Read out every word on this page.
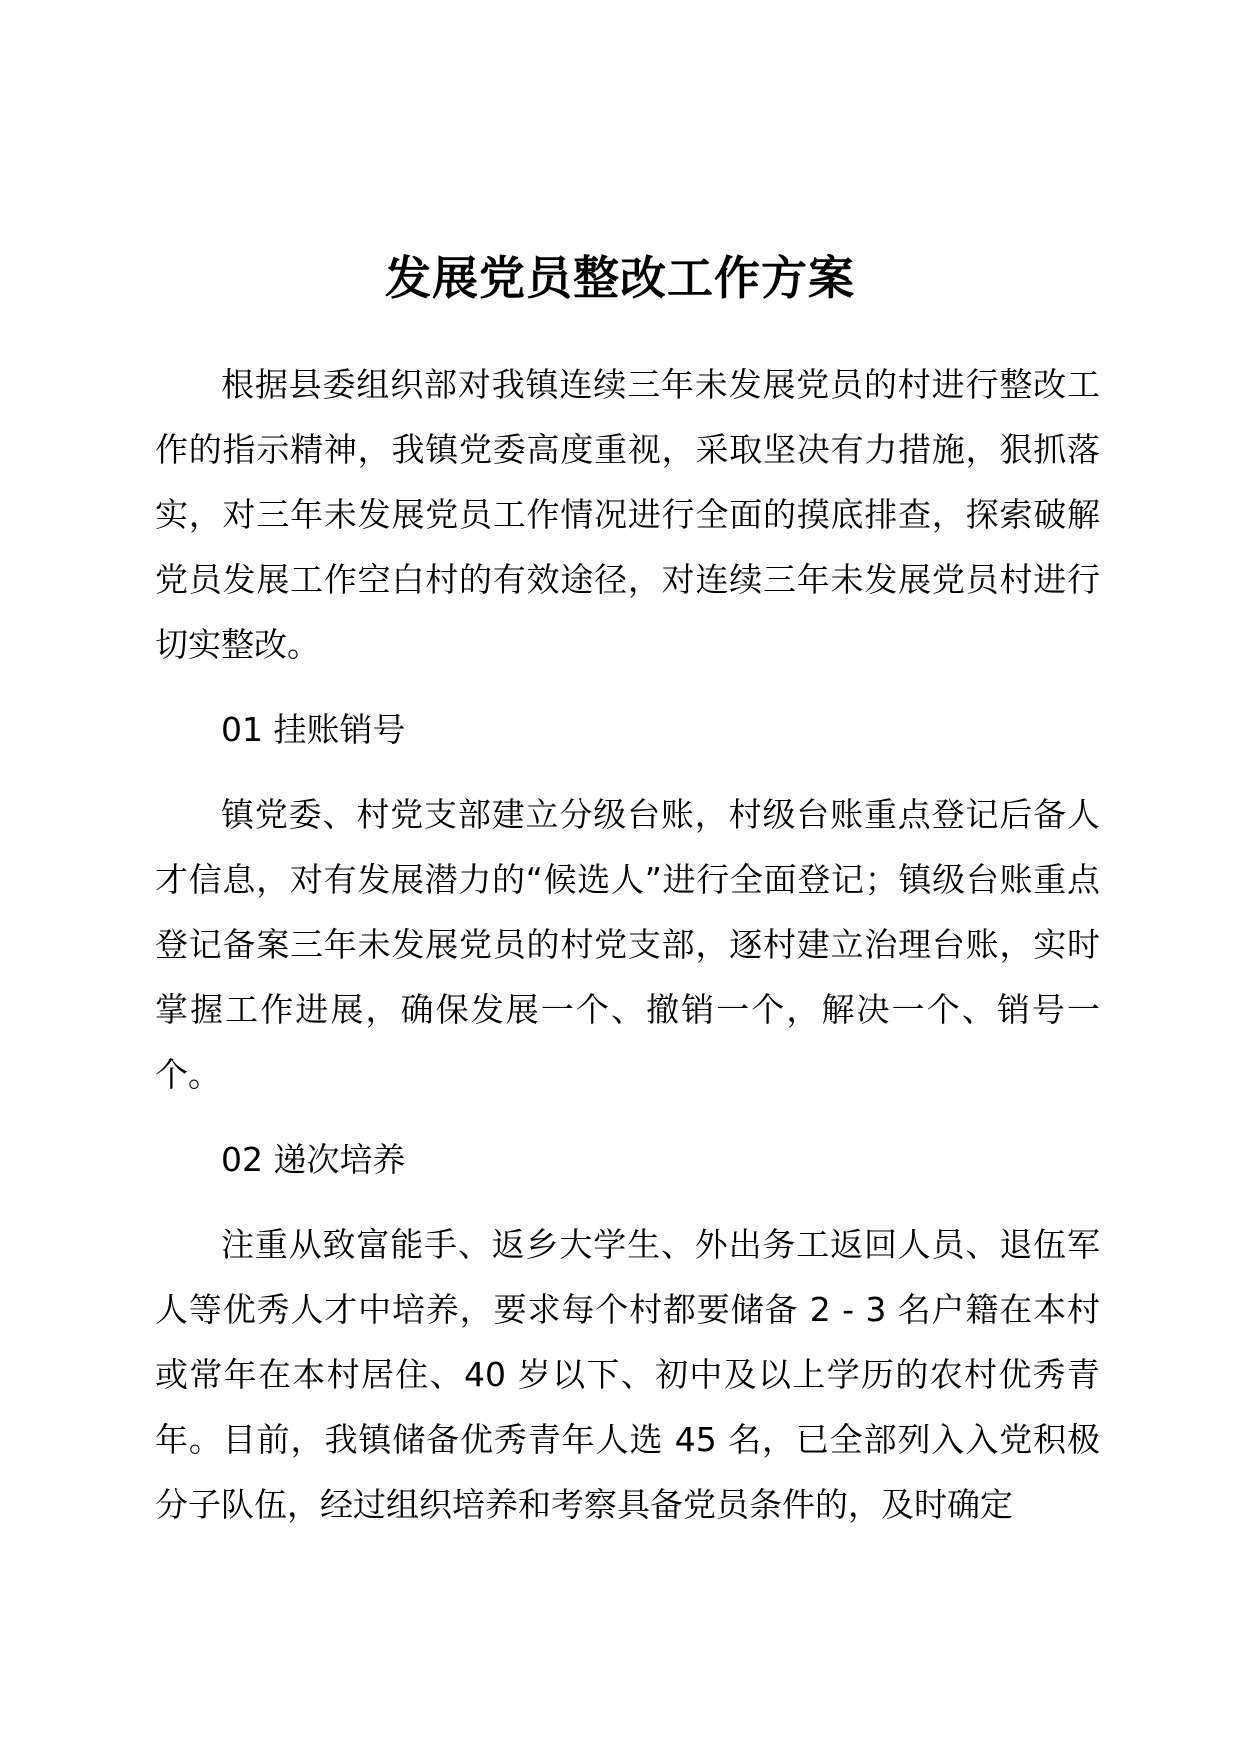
发展党员整改工作方案

根据县委组织部对我镇连续三年未发展党员的村进行整改工作的指示精神，我镇党委高度重视，采取坚决有力措施，狠抓落实，对三年未发展党员工作情况进行全面的摸底排查，探索破解党员发展工作空白村的有效途径，对连续三年未发展党员村进行切实整改。

01 挂账销号

镇党委、村党支部建立分级台账，村级台账重点登记后备人才信息，对有发展潜力的“候选人”进行全面登记；镇级台账重点登记备案三年未发展党员的村党支部，逐村建立治理台账，实时掌握工作进展，确保发展一个、撤销一个，解决一个、销号一个。

02 递次培养

注重从致富能手、返乡大学生、外出务工返回人员、退伍军人等优秀人才中培养，要求每个村都要储备 2 - 3 名户籍在本村或常年在本村居住、40 岁以下、初中及以上学历的农村优秀青年。目前，我镇储备优秀青年人选 45 名，已全部列入入党积极分子队伍，经过组织培养和考察具备党员条件的，及时确定
